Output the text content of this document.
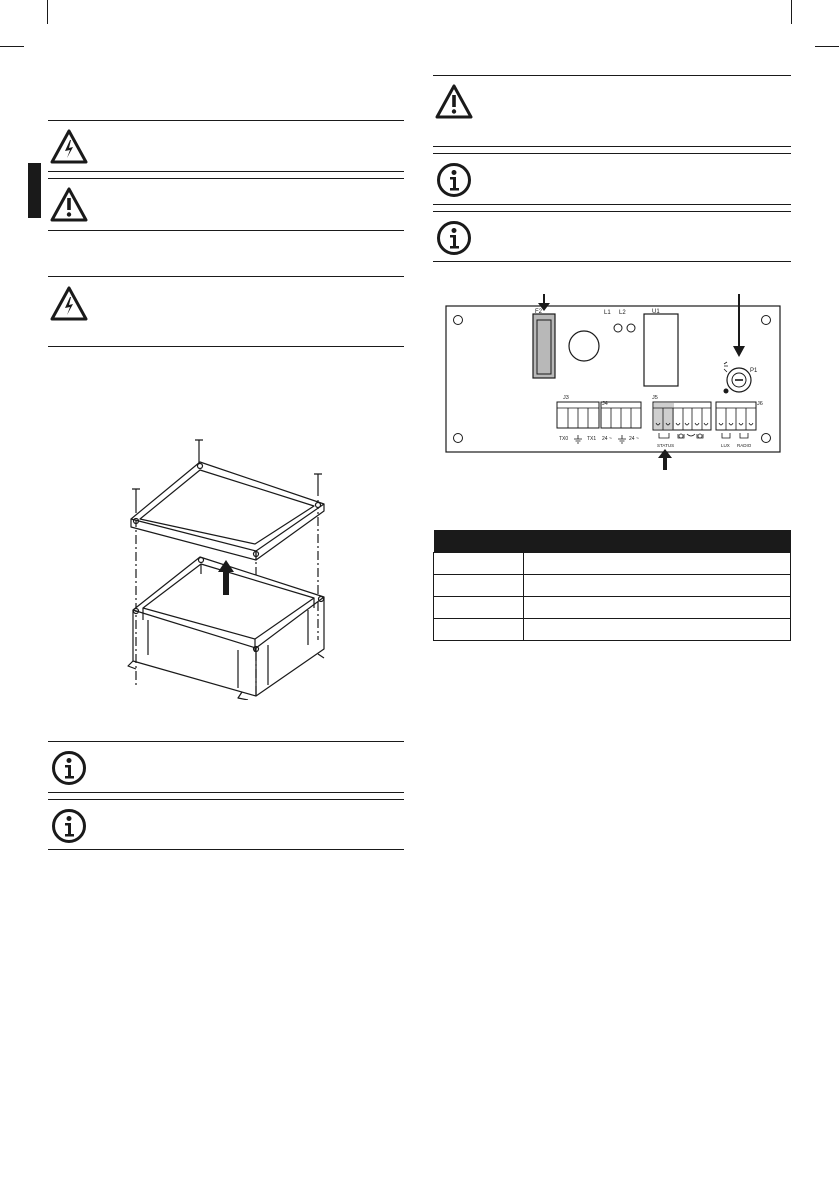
F2	L1 L2	U1
P1
J3
TX0	TX1
J4
24 ~	24 ~
J5
STATUS
J6
LUX RADIO
